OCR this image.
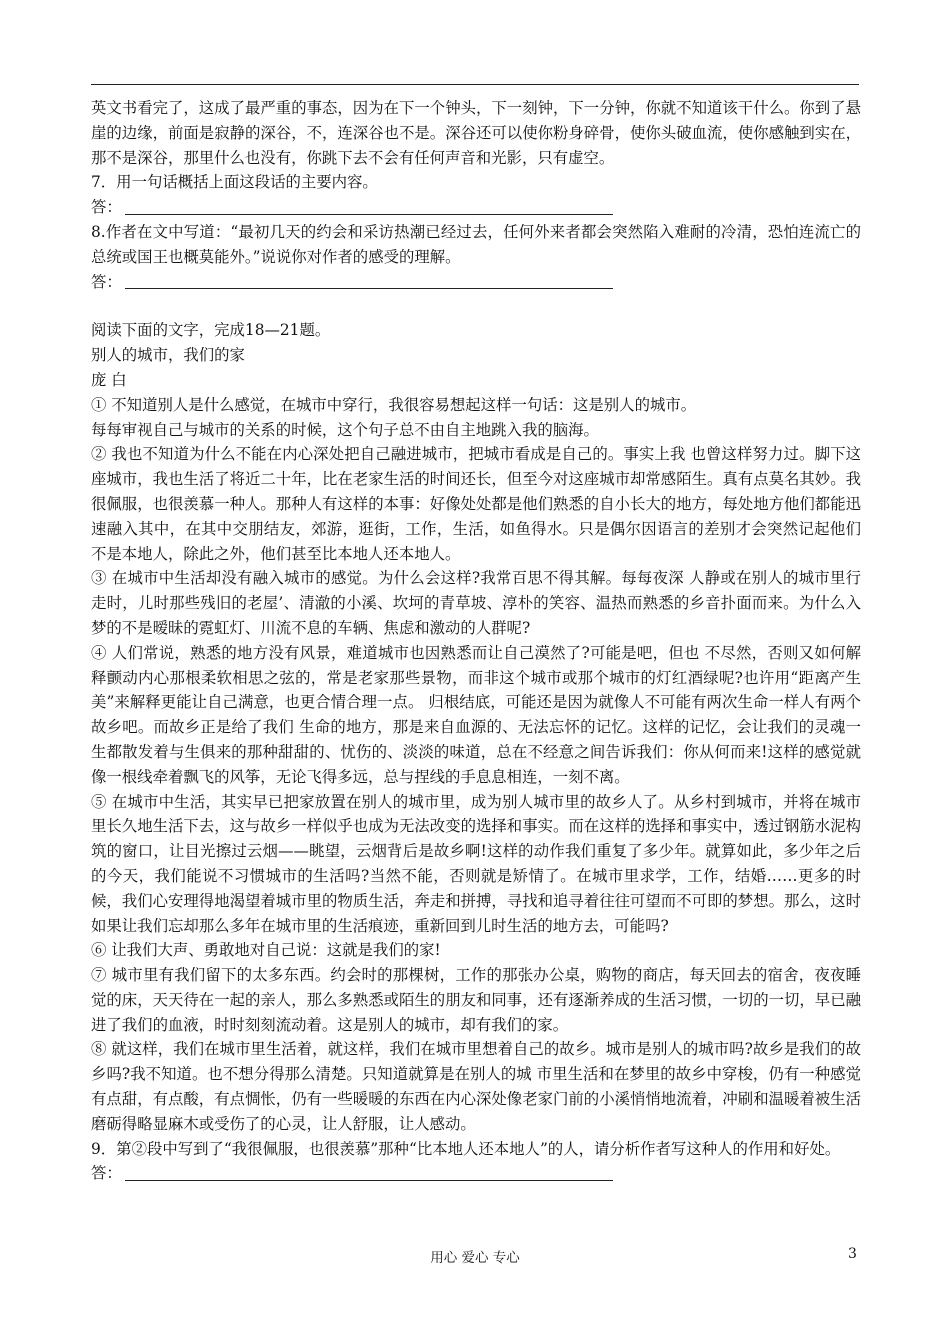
英文书看完了，这成了最严重的事态，因为在下一个钟头，下一刻钟，下一分钟，你就不知道该干什么。你到了悬崖的边缘，前面是寂静的深谷，不，连深谷也不是。深谷还可以使你粉身碎骨，使你头破血流，使你感触到实在，那不是深谷，那里什么也没有，你跳下去不会有任何声音和光影，只有虚空。

7．用一句话概括上面这段话的主要内容。

答：

8.作者在文中写道：“最初几天的约会和采访热潮已经过去，任何外来者都会突然陷入难耐的冷清，恐怕连流亡的总统或国王也概莫能外。”说说你对作者的感受的理解。

答：

阅读下面的文字，完成18—21题。

别人的城市，我们的家

庞 白

① 不知道别人是什么感觉，在城市中穿行，我很容易想起这样一句话：这是别人的城市。

每每审视自己与城市的关系的时候，这个句子总不由自主地跳入我的脑海。

② 我也不知道为什么不能在内心深处把自己融进城市，把城市看成是自己的。事实上我 也曾这样努力过。脚下这座城市，我也生活了将近二十年，比在老家生活的时间还长，但至今对这座城市却常感陌生。真有点莫名其妙。我很佩服，也很羡慕一种人。那种人有这样的本事：好像处处都是他们熟悉的自小长大的地方，每处地方他们都能迅速融入其中，在其中交朋结友，郊游，逛街，工作，生活，如鱼得水。只是偶尔因语言的差别才会突然记起他们 不是本地人，除此之外，他们甚至比本地人还本地人。

③ 在城市中生活却没有融入城市的感觉。为什么会这样?我常百思不得其解。每每夜深 人静或在别人的城市里行走时，儿时那些残旧的老屋’、清澈的小溪、坎坷的青草坡、淳朴的笑容、温热而熟悉的乡音扑面而来。为什么入梦的不是暧昧的霓虹灯、川流不息的车辆、焦虑和激动的人群呢?

④ 人们常说，熟悉的地方没有风景，难道城市也因熟悉而让自己漠然了?可能是吧，但也 不尽然，否则又如何解释颤动内心那根柔软相思之弦的，常是老家那些景物，而非这个城市或那个城市的灯红酒绿呢?也许用“距离产生美”来解释更能让自己满意，也更合情合理一点。 归根结底，可能还是因为就像人不可能有两次生命一样人有两个故乡吧。而故乡正是给了我们 生命的地方，那是来自血源的、无法忘怀的记忆。这样的记忆，会让我们的灵魂一生都散发着与生俱来的那种甜甜的、忧伤的、淡淡的味道，总在不经意之间告诉我们：你从何而来!这样的感觉就像一根线牵着飘飞的风筝，无论飞得多远，总与捏线的手息息相连，一刻不离。

⑤ 在城市中生活，其实早已把家放置在别人的城市里，成为别人城市里的故乡人了。从乡村到城市，并将在城市里长久地生活下去，这与故乡一样似乎也成为无法改变的选择和事实。而在这样的选择和事实中，透过钢筋水泥构筑的窗口，让目光擦过云烟——眺望，云烟背后是故乡啊!这样的动作我们重复了多少年。就算如此，多少年之后的今天，我们能说不习惯城市的生活吗?当然不能，否则就是矫情了。在城市里求学，工作，结婚……更多的时候，我们心安理得地渴望着城市里的物质生活，奔走和拼搏，寻找和追寻着往往可望而不可即的梦想。那么，这时如果让我们忘却那么多年在城市里的生活痕迹，重新回到儿时生活的地方去，可能吗?

⑥ 让我们大声、勇敢地对自己说：这就是我们的家!

⑦ 城市里有我们留下的太多东西。约会时的那棵树，工作的那张办公桌，购物的商店，每天回去的宿舍，夜夜睡觉的床，天天待在一起的亲人，那么多熟悉或陌生的朋友和同事，还有逐渐养成的生活习惯，一切的一切，早已融进了我们的血液，时时刻刻流动着。这是别人的城市，却有我们的家。

⑧ 就这样，我们在城市里生活着，就这样，我们在城市里想着自己的故乡。城市是别人的城市吗?故乡是我们的故乡吗?我不知道。也不想分得那么清楚。只知道就算是在别人的城 市里生活和在梦里的故乡中穿梭，仍有一种感觉有点甜，有点酸，有点惆怅，仍有一些暖暖的东西在内心深处像老家门前的小溪悄悄地流着，冲刷和温暖着被生活磨砺得略显麻木或受伤了的心灵，让人舒服，让人感动。

9．第②段中写到了“我很佩服，也很羡慕”那种“比本地人还本地人”的人，请分析作者写这种人的作用和好处。

答：
用心 爱心 专心	3
